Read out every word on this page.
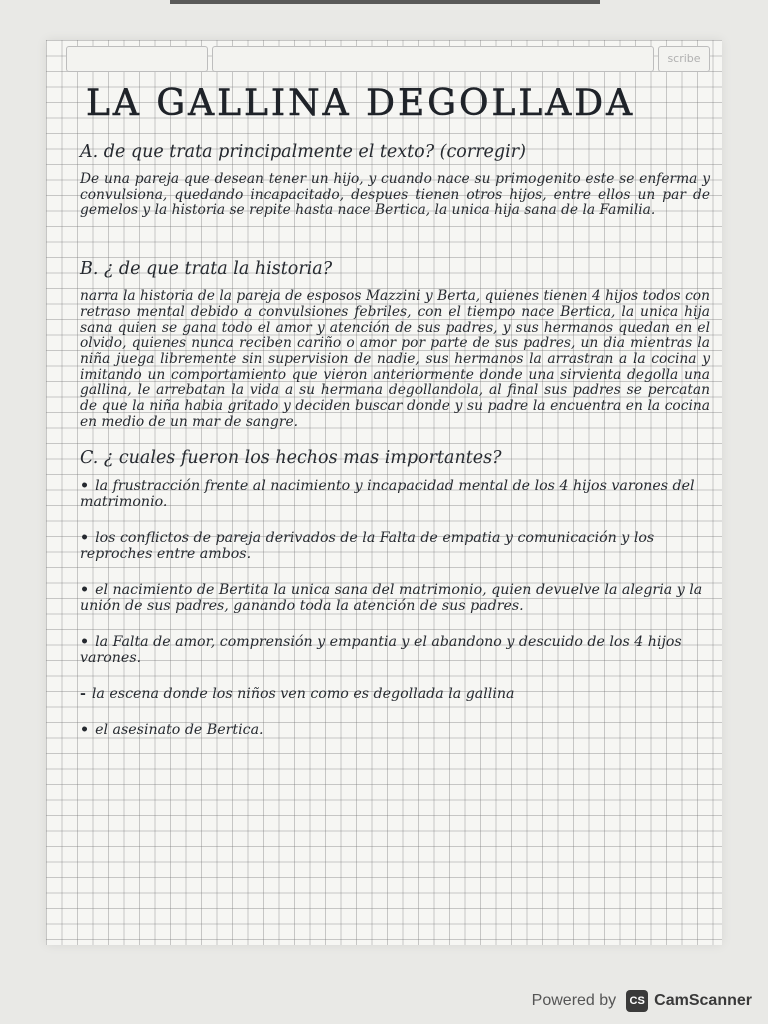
scribe
LA GALLINA DEGOLLADA
A. de que trata principalmente el texto? (corregir)

De una pareja que desean tener un hijo, y cuando nace su primogenito este se enferma y convulsiona, quedando incapacitado, despues tienen otros hijos, entre ellos un par de gemelos y la historia se repite hasta nace Bertica, la unica hija sana de la Familia.

B. ¿ de que trata la historia?

narra la historia de la pareja de esposos Mazzini y Berta, quienes tienen 4 hijos todos con retraso mental debido a convulsiones febriles, con el tiempo nace Bertica, la unica hija sana quien se gana todo el amor y atención de sus padres, y sus hermanos quedan en el olvido, quienes nunca reciben cariño o amor por parte de sus padres, un dia mientras la niña juega libremente sin supervision de nadie, sus hermanos la arrastran a la cocina y imitando un comportamiento que vieron anteriormente donde una sirvienta degolla una gallina, le arrebatan la vida a su hermana degollandola, al final sus padres se percatan de que la niña habia gritado y deciden buscar donde y su padre la encuentra en la cocina en medio de un mar de sangre.

C. ¿ cuales fueron los hechos mas importantes?
• la frustracción frente al nacimiento y incapacidad mental de los 4 hijos varones del matrimonio.
• los conflictos de pareja derivados de la Falta de empatia y comunicación y los reproches entre ambos.
• el nacimiento de Bertita la unica sana del matrimonio, quien devuelve la alegria y la unión de sus padres, ganando toda la atención de sus padres.
• la Falta de amor, comprensión y empantia y el abandono y descuido de los 4 hijos varones.
- la escena donde los niños ven como es degollada la gallina
• el asesinato de Bertica.
Powered by	CS CamScanner
